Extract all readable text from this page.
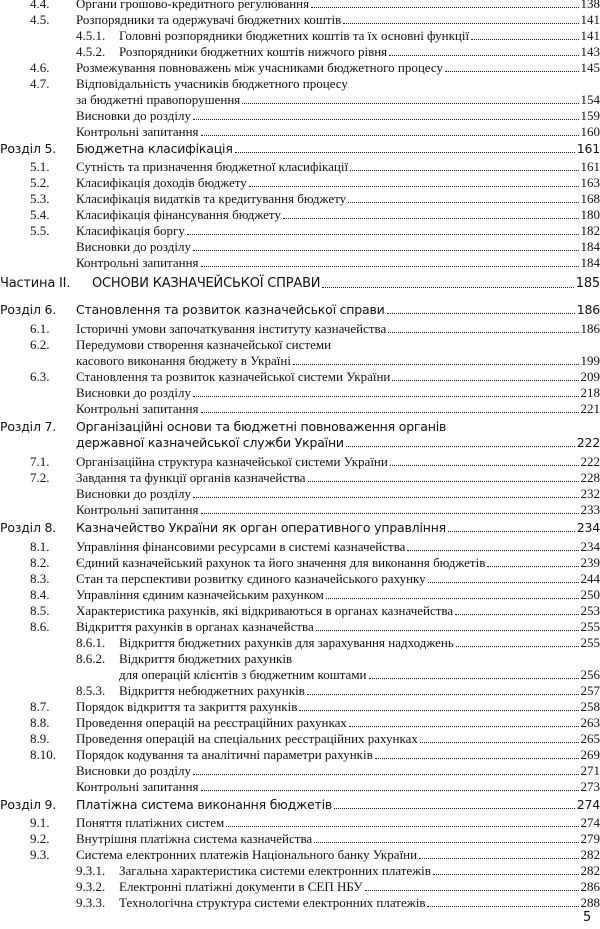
4.4. Органи грошово-кредитного регулювання	138
4.5. Розпорядники та одержувачі бюджетних коштів	141
4.5.1. Головні розпорядники бюджетних коштів та їх основні функції	141
4.5.2. Розпорядники бюджетних коштів нижчого рівня	143
4.6. Розмежування повноважень між учасниками бюджетного процесу	145
4.7. Відповідальність учасників бюджетного процесу
за бюджетні правопорушення	154
Висновки до розділу	159
Контрольні запитання	160
Розділ 5. Бюджетна класифікація	161
5.1. Сутність та призначення бюджетної класифікації	161
5.2. Класифікація доходів бюджету	163
5.3. Класифікація видатків та кредитування бюджету	168
5.4. Класифікація фінансування бюджету	180
5.5. Класифікація боргу	182
Висновки до розділу	184
Контрольні запитання	184
Частина II. ОСНОВИ КАЗНАЧЕЙСЬКОЇ СПРАВИ	185
Розділ 6. Становлення та розвиток казначейської справи	186
6.1. Історичні умови започаткування інституту казначейства	186
6.2. Передумови створення казначейської системи
касового виконання бюджету в Україні	199
6.3. Становлення та розвиток казначейської системи України	209
Висновки до розділу	218
Контрольні запитання	221
Розділ 7. Організаційні основи та бюджетні повноваження органів
державної казначейської служби України	222
7.1. Організаційна структура казначейської системи України	222
7.2. Завдання та функції органів казначейства	228
Висновки до розділу	232
Контрольні запитання	233
Розділ 8. Казначейство України як орган оперативного управління	234
8.1. Управління фінансовими ресурсами в системі казначейства	234
8.2. Єдиний казначейський рахунок та його значення для виконання бюджетів	239
8.3. Стан та перспективи розвитку єдиного казначейського рахунку	244
8.4. Управління єдиним казначейським рахунком	250
8.5. Характеристика рахунків, які відкриваються в органах казначейства	253
8.6. Відкриття рахунків в органах казначейства	255
8.6.1. Відкриття бюджетних рахунків для зарахування надходжень	255
8.6.2. Відкриття бюджетних рахунків
для операцій клієнтів з бюджетним коштами	256
8.5.3. Відкриття небюджетних рахунків	257
8.7. Порядок відкриття та закриття рахунків	258
8.8. Проведення операцій на реєстраційних рахунках	263
8.9. Проведення операцій на спеціальних реєстраційних рахунках	265
8.10. Порядок кодування та аналітичні параметри рахунків	269
Висновки до розділу	271
Контрольні запитання	273
Розділ 9. Платіжна система виконання бюджетів	274
9.1. Поняття платіжних систем	274
9.2. Внутрішня платіжна система казначейства	279
9.3. Система електронних платежів Національного банку України	282
9.3.1. Загальна характеристика системи електронних платежів	282
9.3.2. Електронні платіжні документи в СЕП НБУ	286
9.3.3. Технологічна структура системи електронних платежів	288
5
